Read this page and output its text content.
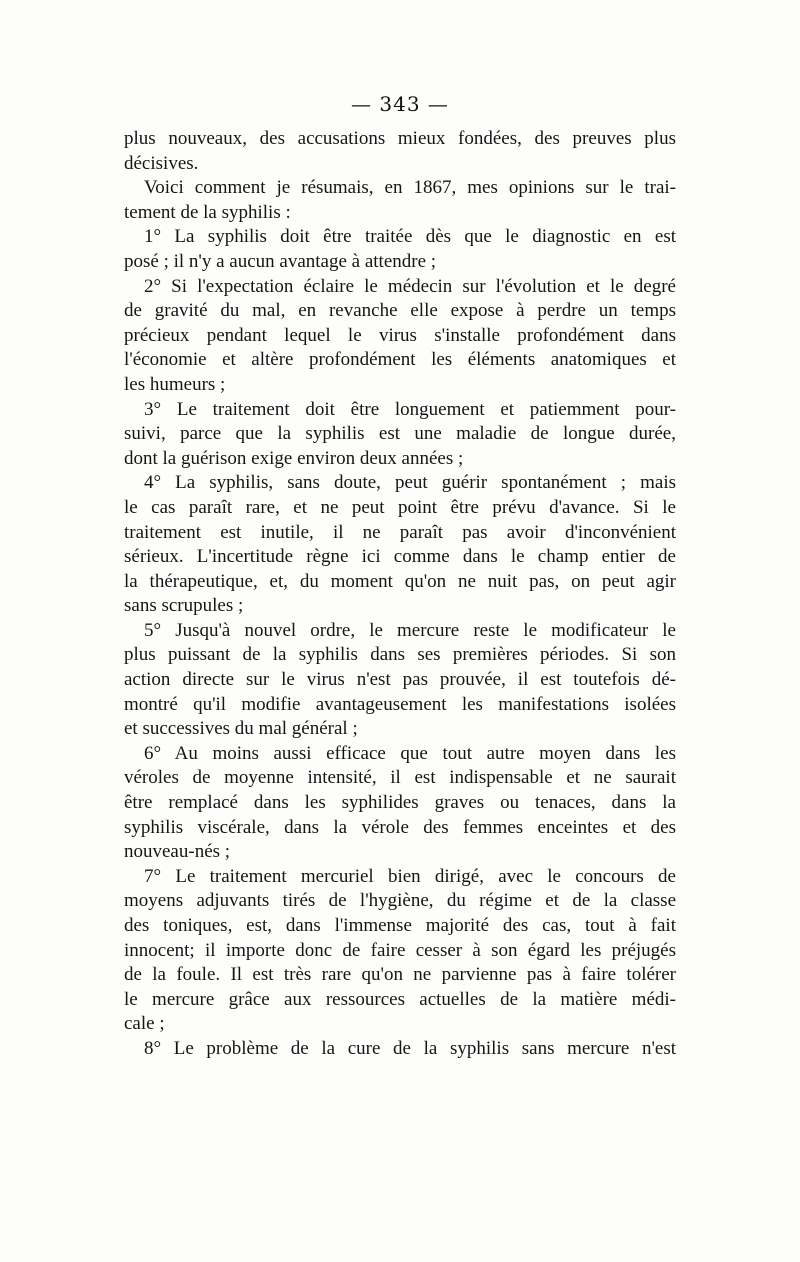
— 343 —
plus nouveaux, des accusations mieux fondées, des preuves plus
décisives.
Voici comment je résumais, en 1867, mes opinions sur le trai-
tement de la syphilis :
1° La syphilis doit être traitée dès que le diagnostic en est
posé ; il n'y a aucun avantage à attendre ;
2° Si l'expectation éclaire le médecin sur l'évolution et le degré
de gravité du mal, en revanche elle expose à perdre un temps
précieux pendant lequel le virus s'installe profondément dans
l'économie et altère profondément les éléments anatomiques et
les humeurs ;
3° Le traitement doit être longuement et patiemment pour-
suivi, parce que la syphilis est une maladie de longue durée,
dont la guérison exige environ deux années ;
4° La syphilis, sans doute, peut guérir spontanément ; mais
le cas paraît rare, et ne peut point être prévu d'avance. Si le
traitement est inutile, il ne paraît pas avoir d'inconvénient
sérieux. L'incertitude règne ici comme dans le champ entier de
la thérapeutique, et, du moment qu'on ne nuit pas, on peut agir
sans scrupules ;
5° Jusqu'à nouvel ordre, le mercure reste le modificateur le
plus puissant de la syphilis dans ses premières périodes. Si son
action directe sur le virus n'est pas prouvée, il est toutefois dé-
montré qu'il modifie avantageusement les manifestations isolées
et successives du mal général ;
6° Au moins aussi efficace que tout autre moyen dans les
véroles de moyenne intensité, il est indispensable et ne saurait
être remplacé dans les syphilides graves ou tenaces, dans la
syphilis viscérale, dans la vérole des femmes enceintes et des
nouveau-nés ;
7° Le traitement mercuriel bien dirigé, avec le concours de
moyens adjuvants tirés de l'hygiène, du régime et de la classe
des toniques, est, dans l'immense majorité des cas, tout à fait
innocent; il importe donc de faire cesser à son égard les préjugés
de la foule. Il est très rare qu'on ne parvienne pas à faire tolérer
le mercure grâce aux ressources actuelles de la matière médi-
cale ;
8° Le problème de la cure de la syphilis sans mercure n'est
